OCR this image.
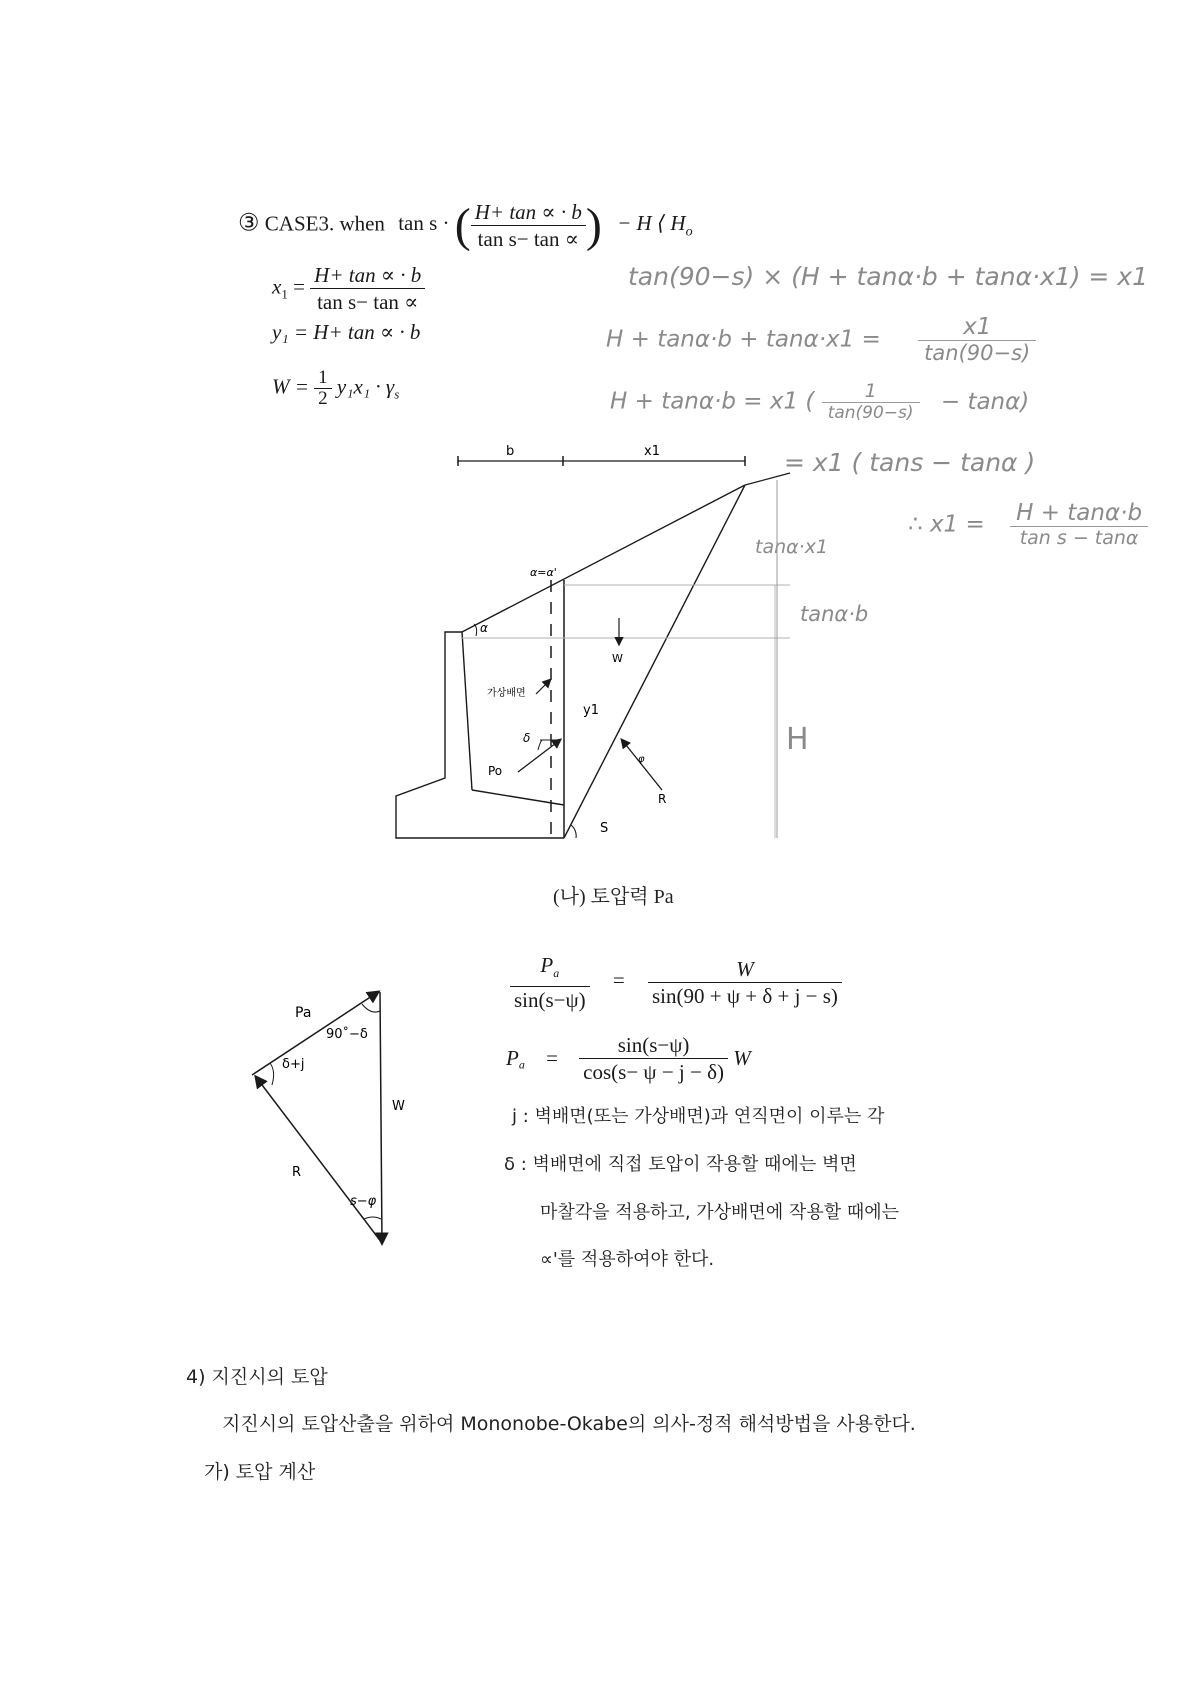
③ CASE3. when tan s · ( $\frac{H+ \tan \propto \cdot b}{\text{tan s− tan ∝}}$ ) − H ⟨ $H_o$
$x_1 = \frac{H+ \tan \propto \cdot b}{\text{tan s− tan ∝}}$
y₁ = H+ tan ∝ · b
$W = \frac{1}{2} y_1x_1 \cdot \gamma_s$
tan(90−s) × (H + tanα·b + tanα·x1) = x1
$H + \tan\alpha\cdot b + \tan\alpha\cdot x1 = \frac{x1}{\tan(90-s)}$
H + tanα·b = x1 ( $\frac{1}{\tan(90-s)} - \tan\alpha$)
= x1 ( tans − tanα )
∴ $x1 = \frac{H + \tan\alpha\cdot b}{\text{tan s − tanα}}$
tanα·x1
tanα·b
H
b	x1
α=α'
α
W
가상배면
y1
δ
Po
φ
R
S
(나) 토압력 Pa
Pa
90˚−δ
δ+j
W
R
s−φ
$\frac{P_a}{\sin(s-\psi)} = \frac{W}{\sin(90 + \psi + \delta + j - s)}$
$P_a = \frac{\sin(s-\psi)}{\cos(s- \psi - j - \delta)}$ W
j : 벽배면(또는 가상배면)과 연직면이 이루는 각
δ : 벽배면에 직접 토압이 작용할 때에는 벽면
마찰각을 적용하고, 가상배면에 작용할 때에는
∝'를 적용하여야 한다.
4) 지진시의 토압
지진시의 토압산출을 위하여 Mononobe-Okabe의 의사-정적 해석방법을 사용한다.
가) 토압 계산
